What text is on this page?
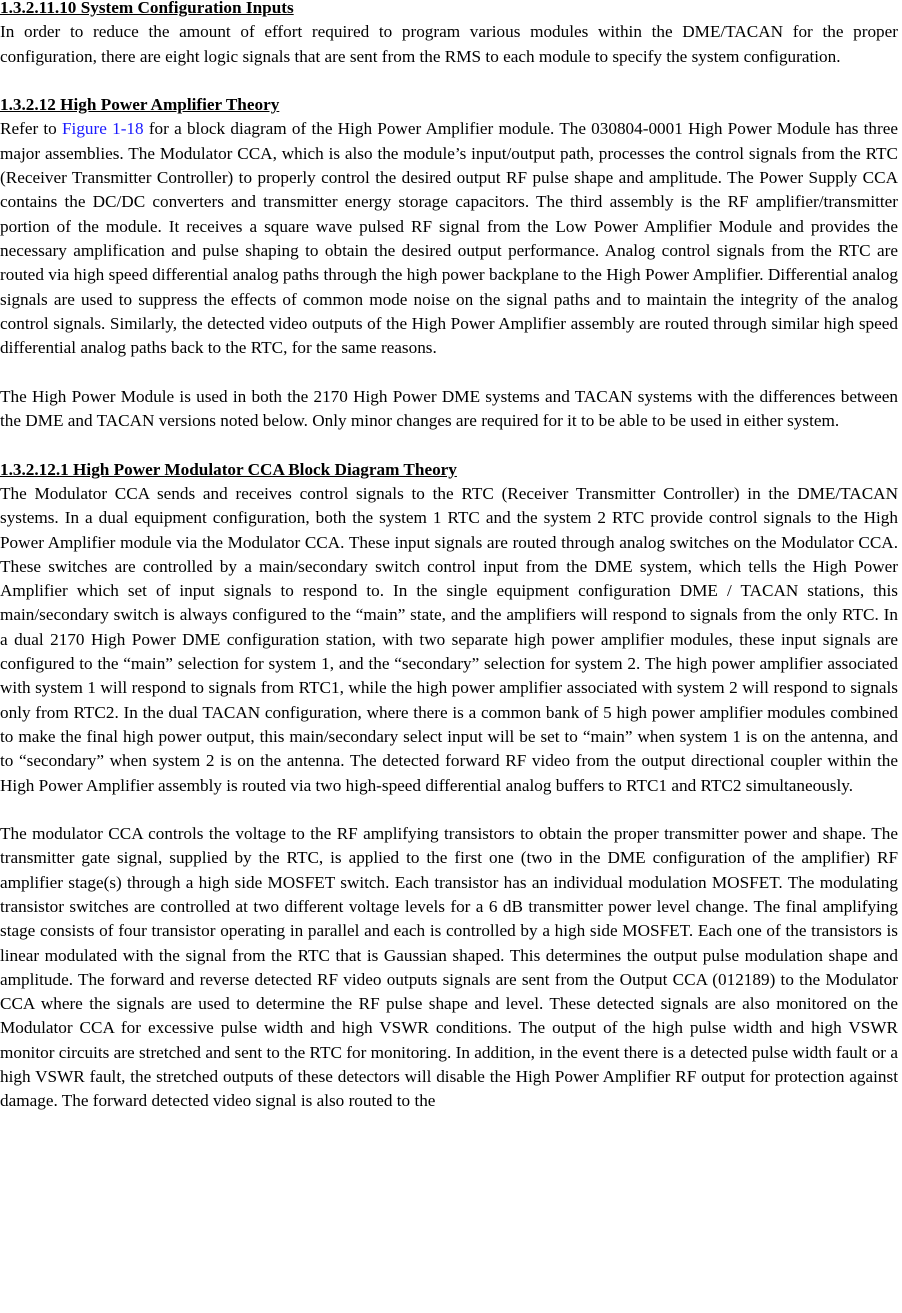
1.3.2.11.10 System Configuration Inputs

In order to reduce the amount of effort required to program various modules within the DME/TACAN for the proper configuration, there are eight logic signals that are sent from the RMS to each module to specify the system configuration.

1.3.2.12 High Power Amplifier Theory

Refer to Figure 1-18 for a block diagram of the High Power Amplifier module. The 030804-0001 High Power Module has three major assemblies. The Modulator CCA, which is also the module’s input/output path, processes the control signals from the RTC (Receiver Transmitter Controller) to properly control the desired output RF pulse shape and amplitude. The Power Supply CCA contains the DC/DC converters and transmitter energy storage capacitors. The third assembly is the RF amplifier/transmitter portion of the module. It receives a square wave pulsed RF signal from the Low Power Amplifier Module and provides the necessary amplification and pulse shaping to obtain the desired output performance. Analog control signals from the RTC are routed via high speed differential analog paths through the high power backplane to the High Power Amplifier. Differential analog signals are used to suppress the effects of common mode noise on the signal paths and to maintain the integrity of the analog control signals. Similarly, the detected video outputs of the High Power Amplifier assembly are routed through similar high speed differential analog paths back to the RTC, for the same reasons.

The High Power Module is used in both the 2170 High Power DME systems and TACAN systems with the differences between the DME and TACAN versions noted below. Only minor changes are required for it to be able to be used in either system.

1.3.2.12.1 High Power Modulator CCA Block Diagram Theory

The Modulator CCA sends and receives control signals to the RTC (Receiver Transmitter Controller) in the DME/TACAN systems. In a dual equipment configuration, both the system 1 RTC and the system 2 RTC provide control signals to the High Power Amplifier module via the Modulator CCA. These input signals are routed through analog switches on the Modulator CCA. These switches are controlled by a main/secondary switch control input from the DME system, which tells the High Power Amplifier which set of input signals to respond to. In the single equipment configuration DME / TACAN stations, this main/secondary switch is always configured to the “main” state, and the amplifiers will respond to signals from the only RTC. In a dual 2170 High Power DME configuration station, with two separate high power amplifier modules, these input signals are configured to the “main” selection for system 1, and the “secondary” selection for system 2. The high power amplifier associated with system 1 will respond to signals from RTC1, while the high power amplifier associated with system 2 will respond to signals only from RTC2. In the dual TACAN configuration, where there is a common bank of 5 high power amplifier modules combined to make the final high power output, this main/secondary select input will be set to “main” when system 1 is on the antenna, and to “secondary” when system 2 is on the antenna. The detected forward RF video from the output directional coupler within the High Power Amplifier assembly is routed via two high-speed differential analog buffers to RTC1 and RTC2 simultaneously.

The modulator CCA controls the voltage to the RF amplifying transistors to obtain the proper transmitter power and shape. The transmitter gate signal, supplied by the RTC, is applied to the first one (two in the DME configuration of the amplifier) RF amplifier stage(s) through a high side MOSFET switch. Each transistor has an individual modulation MOSFET. The modulating transistor switches are controlled at two different voltage levels for a 6 dB transmitter power level change. The final amplifying stage consists of four transistor operating in parallel and each is controlled by a high side MOSFET. Each one of the transistors is linear modulated with the signal from the RTC that is Gaussian shaped. This determines the output pulse modulation shape and amplitude. The forward and reverse detected RF video outputs signals are sent from the Output CCA (012189) to the Modulator CCA where the signals are used to determine the RF pulse shape and level. These detected signals are also monitored on the Modulator CCA for excessive pulse width and high VSWR conditions. The output of the high pulse width and high VSWR monitor circuits are stretched and sent to the RTC for monitoring. In addition, in the event there is a detected pulse width fault or a high VSWR fault, the stretched outputs of these detectors will disable the High Power Amplifier RF output for protection against damage. The forward detected video signal is also routed to the
